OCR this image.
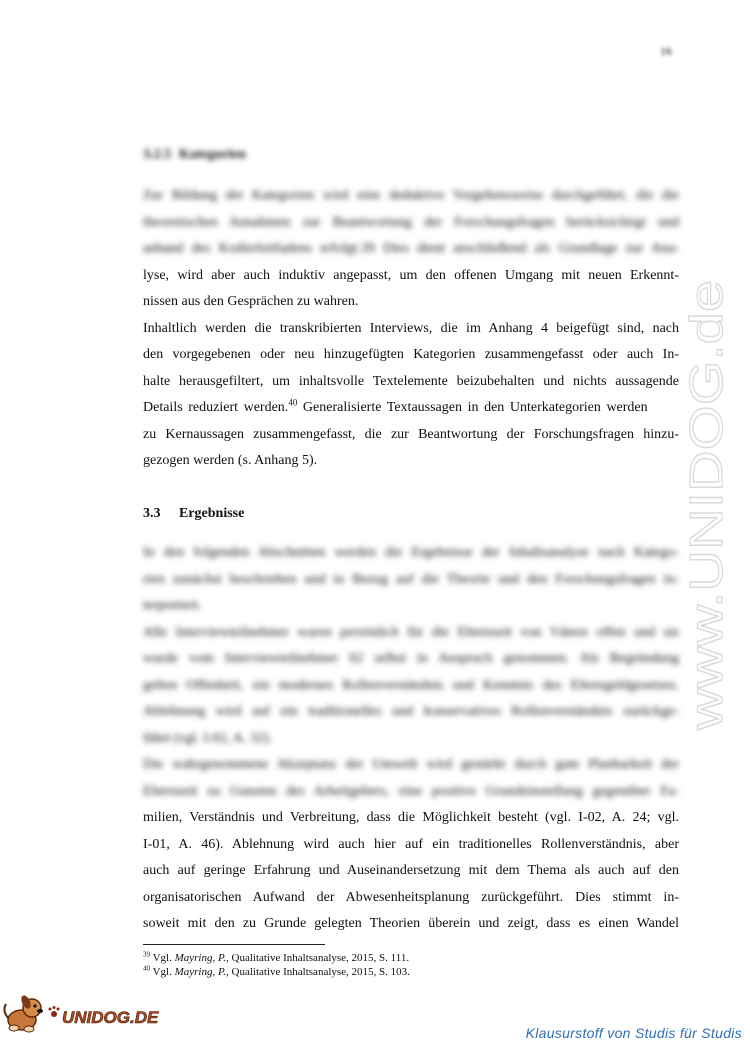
16
3.2.5 Kategorien
Zur Bildung der Kategorien wird eine deduktive Vorgehensweise durchgeführt, die die
theoretischen Annahmen zur Beantwortung der Forschungsfragen berücksichtigt und
anhand des Kodierleitfadens erfolgt.39 Dies dient anschließend als Grundlage zur Ana-
lyse, wird aber auch induktiv angepasst, um den offenen Umgang mit neuen Erkennt-
nissen aus den Gesprächen zu wahren.
Inhaltlich werden die transkribierten Interviews, die im Anhang 4 beigefügt sind, nach
den vorgegebenen oder neu hinzugefügten Kategorien zusammengefasst oder auch In-
halte herausgefiltert, um inhaltsvolle Textelemente beizubehalten und nichts aussagende
Details reduziert werden.$^{40}$ Generalisierte Textaussagen in den Unterkategorien werden
zu Kernaussagen zusammengefasst, die zur Beantwortung der Forschungsfragen hinzu-
gezogen werden (s. Anhang 5).
3.3 Ergebnisse
In den folgenden Abschnitten werden die Ergebnisse der Inhaltsanalyse nach Katego-
rien zunächst beschrieben und in Bezug auf die Theorie und den Forschungsfragen in-
terpretiert.
Alle Interviewteilnehmer waren persönlich für die Elternzeit von Vätern offen und sie
wurde vom Interviewteilnehmer 02 selbst in Anspruch genommen. Als Begründung
gelten Offenheit, ein modernes Rollenverständnis und Kenntnis des Elterngeldgesetzes.
Ablehnung wird auf ein traditionelles und konservatives Rollenverständnis zurückge-
führt (vgl. I-02, A. 32).
Die wahrgenommene Akzeptanz der Umwelt wird gestärkt durch gute Planbarkeit der
Elternzeit zu Gunsten des Arbeitgebers, eine positive Grundeinstellung gegenüber Fa-
milien, Verständnis und Verbreitung, dass die Möglichkeit besteht (vgl. I-02, A. 24; vgl.
I-01, A. 46). Ablehnung wird auch hier auf ein traditionelles Rollenverständnis, aber
auch auf geringe Erfahrung und Auseinandersetzung mit dem Thema als auch auf den
organisatorischen Aufwand der Abwesenheitsplanung zurückgeführt. Dies stimmt in-
soweit mit den zu Grunde gelegten Theorien überein und zeigt, dass es einen Wandel
$^{39}$ Vgl. Mayring, P., Qualitative Inhaltsanalyse, 2015, S. 111.
$^{40}$ Vgl. Mayring, P., Qualitative Inhaltsanalyse, 2015, S. 103.
www.UNIDOG.de
UNIDOG.DE
Klausurstoff von Studis für Studis
